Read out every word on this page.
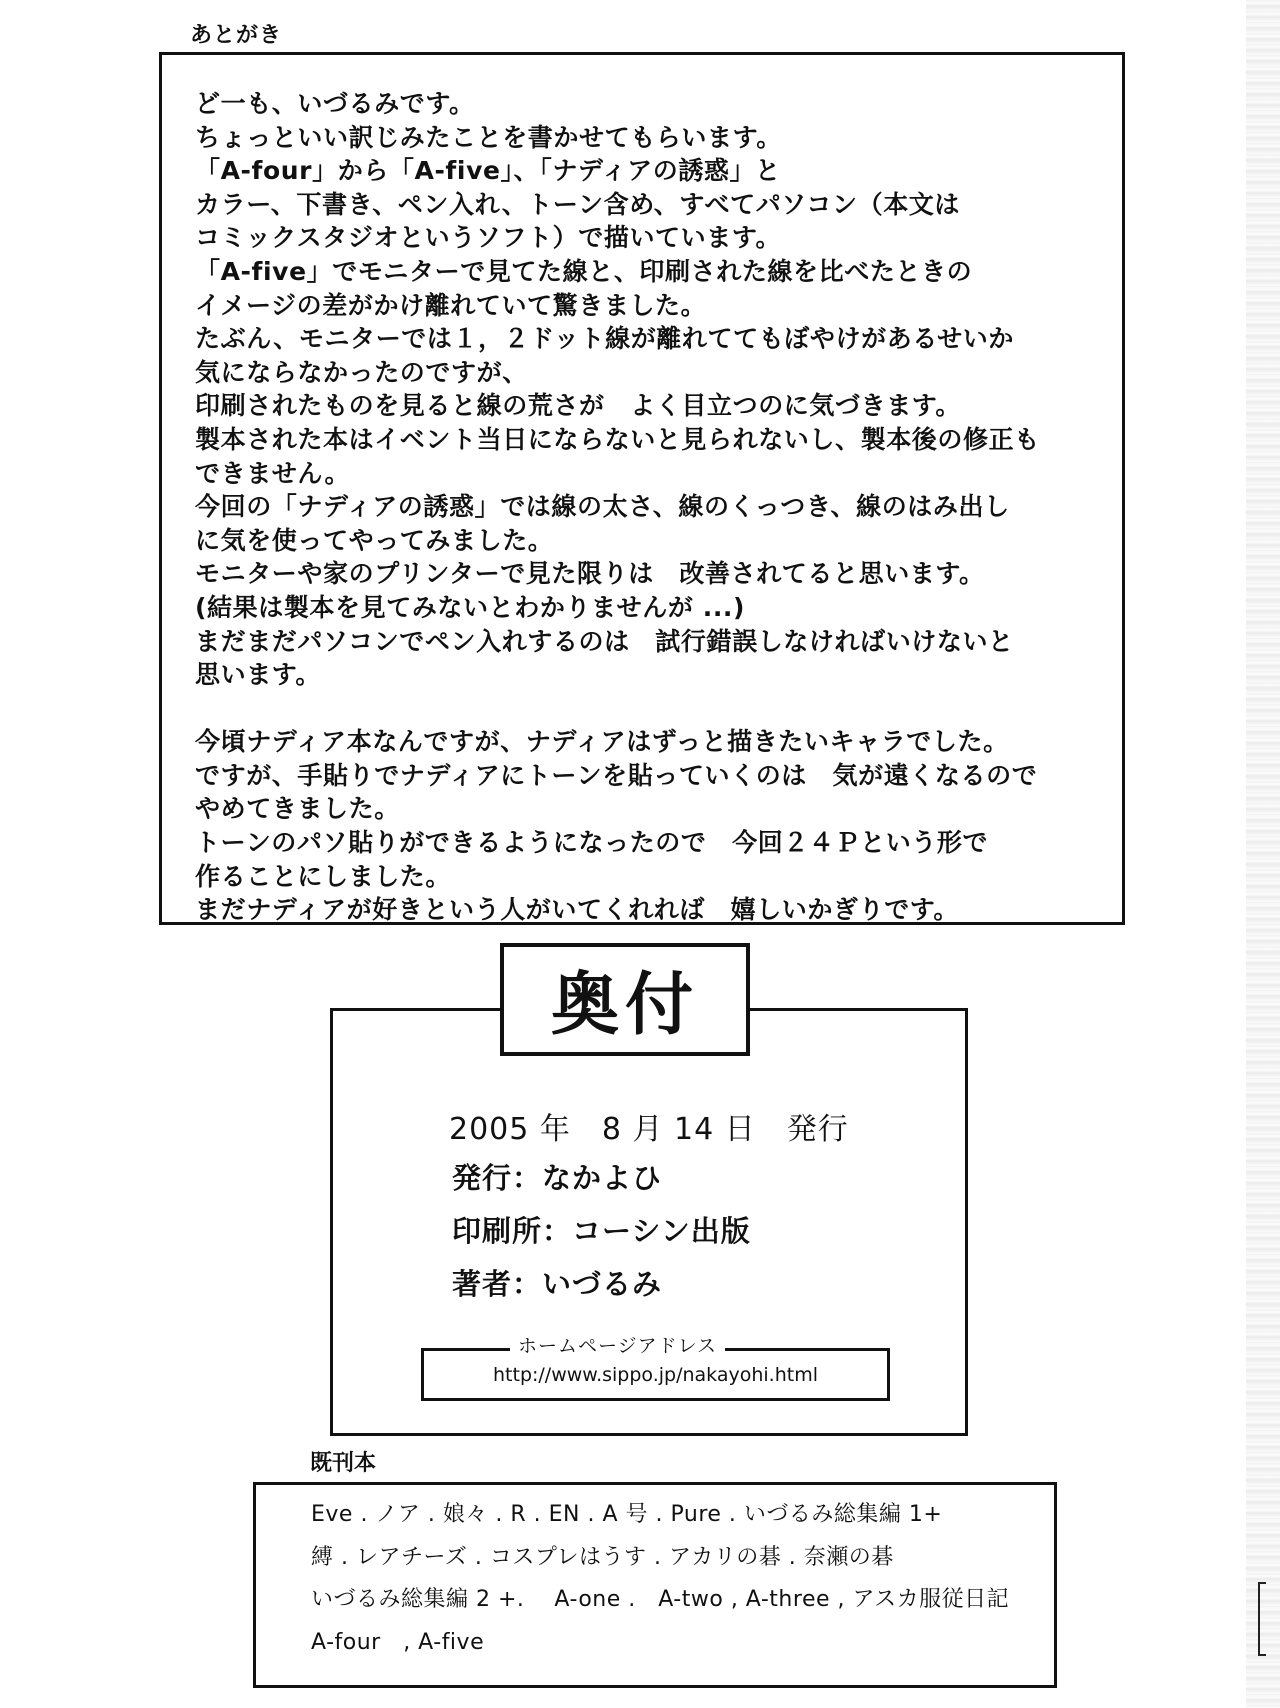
あとがき
ど一も、いづるみです。
ちょっといい訳じみたことを書かせてもらいます。
「A-four」から「A-five」、「ナディアの誘惑」と
カラー、下書き、ペン入れ、トーン含め、すべてパソコン（本文は
コミックスタジオというソフト）で描いています。
「A-five」でモニターで見てた線と、印刷された線を比べたときの
イメージの差がかけ離れていて驚きました。
たぶん、モニターでは１，２ドット線が離れててもぼやけがあるせいか
気にならなかったのですが、
印刷されたものを見ると線の荒さが　よく目立つのに気づきます。
製本された本はイベント当日にならないと見られないし、製本後の修正も
できません。
今回の「ナディアの誘惑」では線の太さ、線のくっつき、線のはみ出し
に気を使ってやってみました。
モニターや家のプリンターで見た限りは　改善されてると思います。
(結果は製本を見てみないとわかりませんが ...)
まだまだパソコンでペン入れするのは　試行錯誤しなければいけないと
思います。
今頃ナディア本なんですが、ナディアはずっと描きたいキャラでした。
ですが、手貼りでナディアにトーンを貼っていくのは　気が遠くなるので
やめてきました。
トーンのパソ貼りができるようになったので　今回２４Ｐという形で
作ることにしました。
まだナディアが好きという人がいてくれれば　嬉しいかぎりです。
奥付
2005 年　8 月 14 日　発行
発行：なかよひ
印刷所：コーシン出版
著者：いづるみ
http://www.sippo.jp/nakayohi.html
ホームページアドレス
既刊本
Eve . ノア . 娘々 . R . EN . A 号 . Pure . いづるみ総集編 1+
縛 . レアチーズ . コスプレはうす . アカリの碁 . 奈瀬の碁
いづるみ総集編 2 +.　 A-one .　A-two , A-three , アスカ服従日記
A-four　, A-five
